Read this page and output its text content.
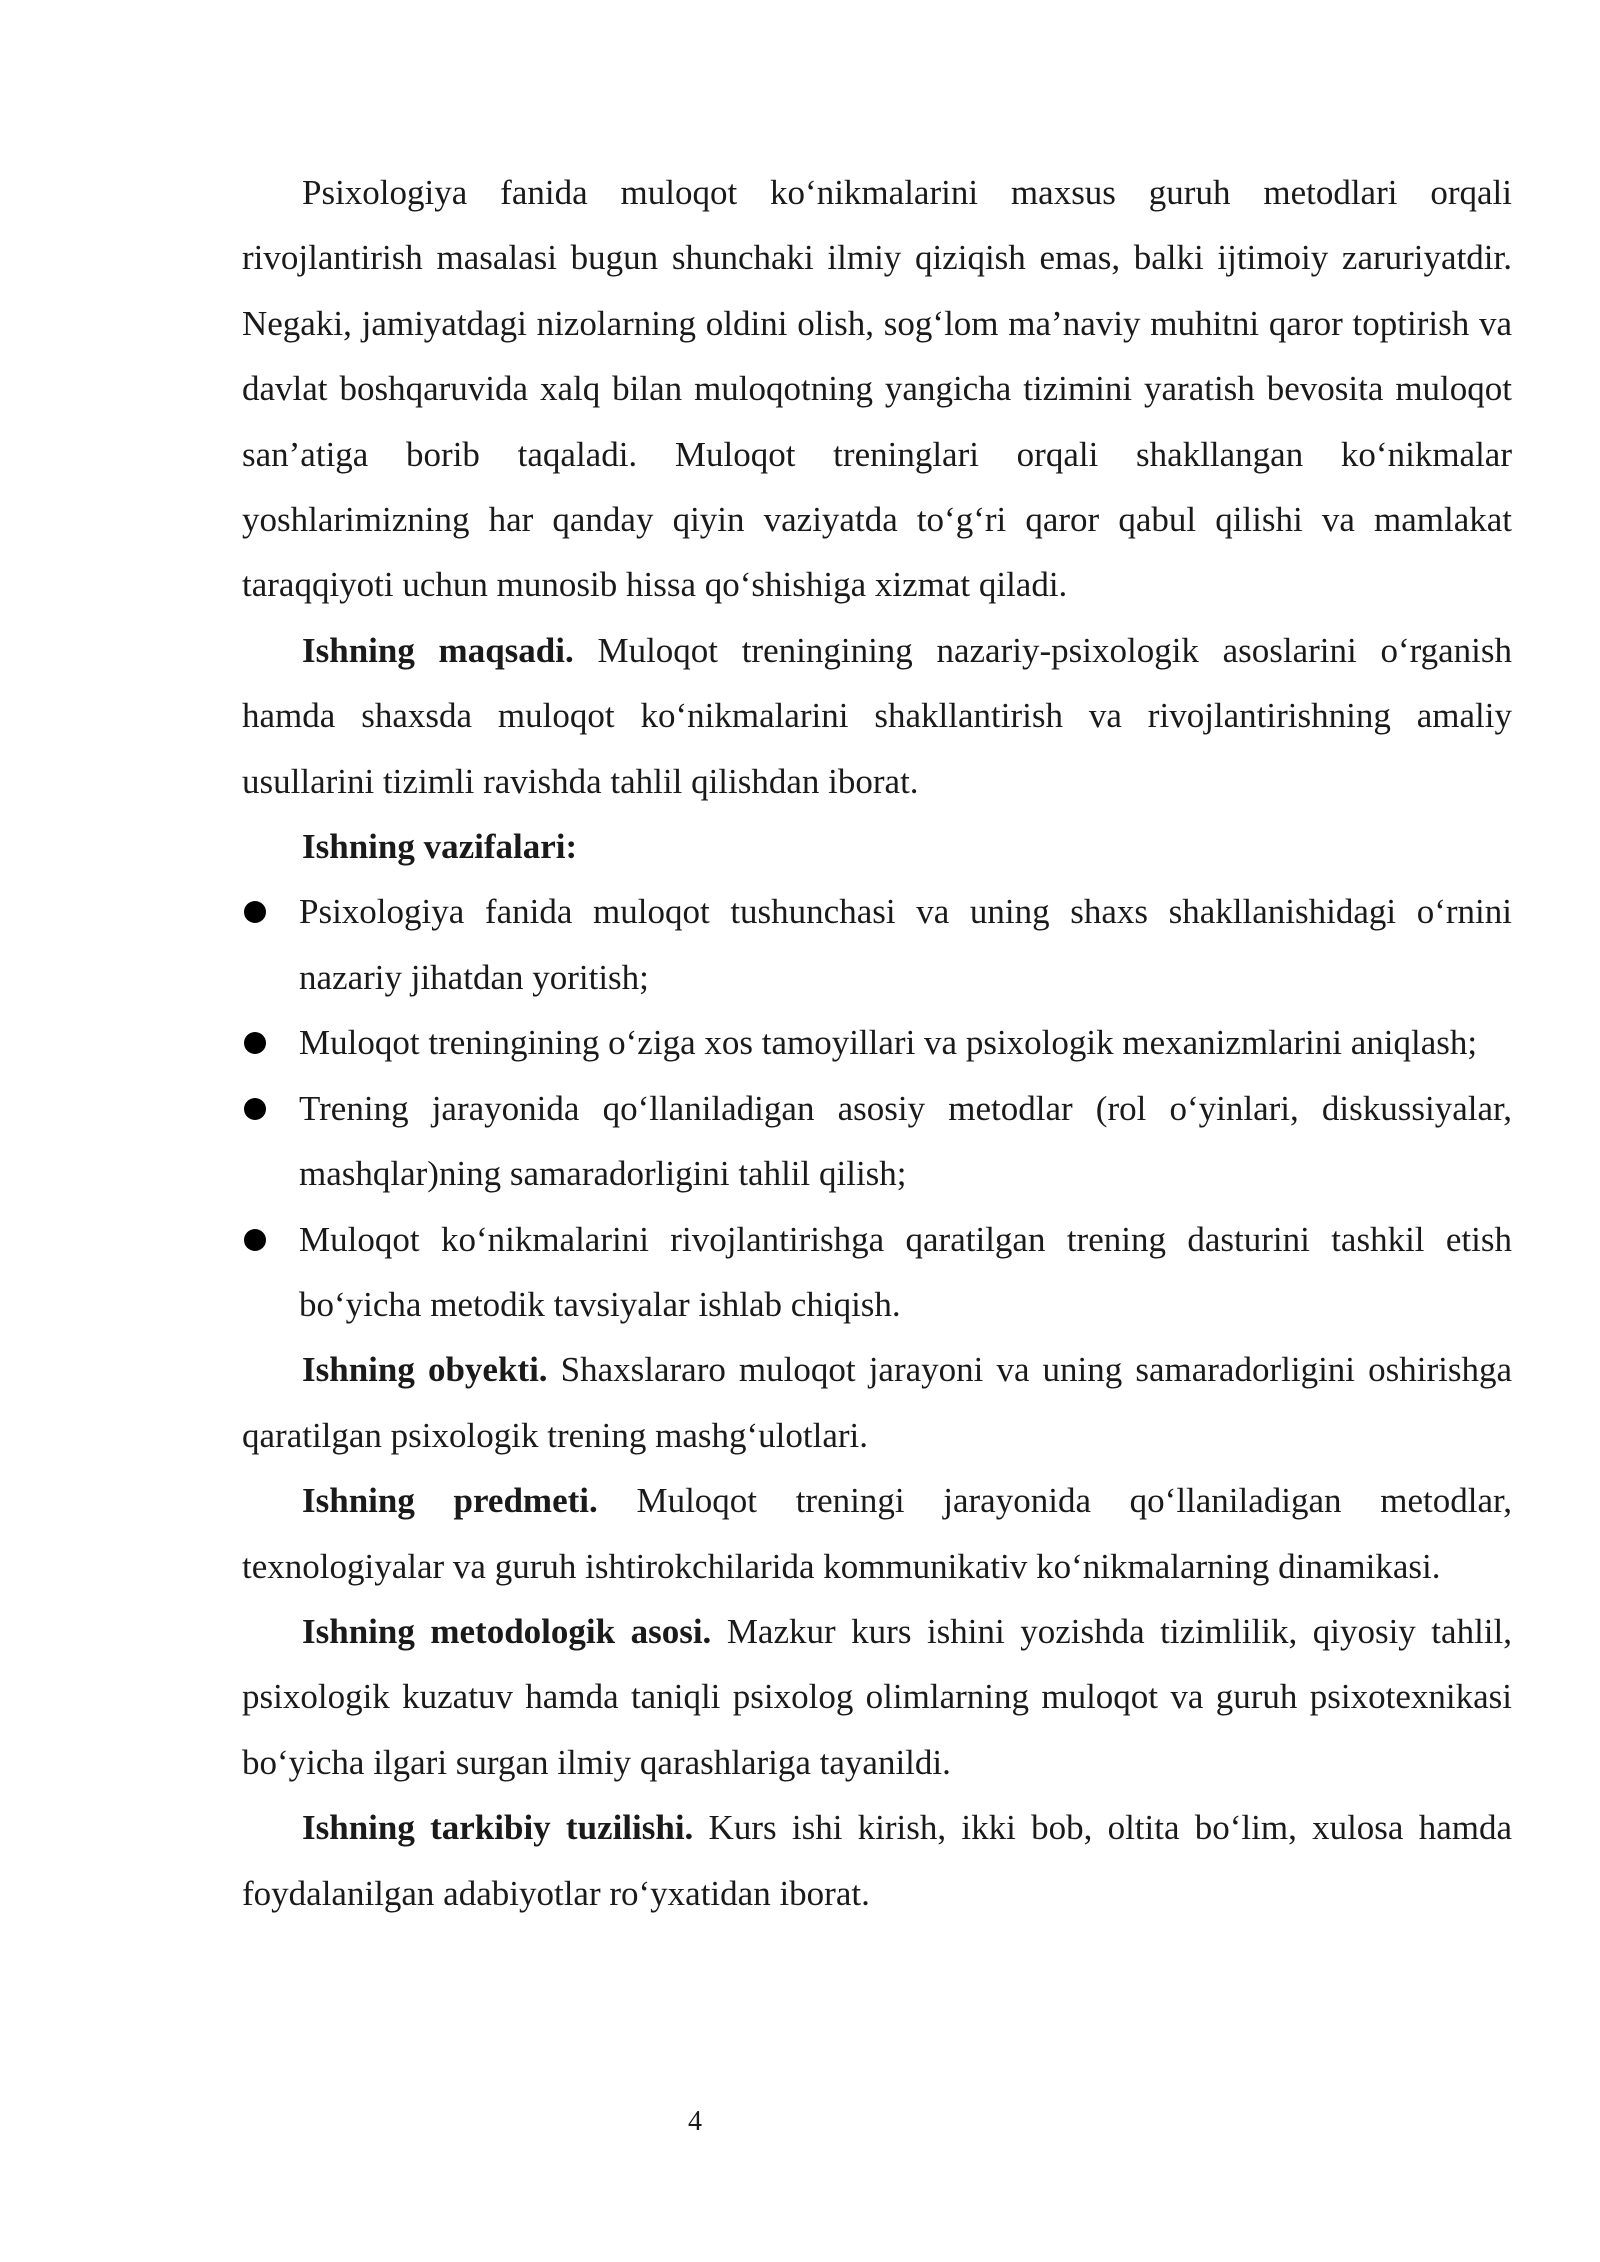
Psixologiya fanida muloqot ko‘nikmalarini maxsus guruh metodlari orqali rivojlantirish masalasi bugun shunchaki ilmiy qiziqish emas, balki ijtimoiy zaruriyatdir. Negaki, jamiyatdagi nizolarning oldini olish, sog‘lom ma’naviy muhitni qaror toptirish va davlat boshqaruvida xalq bilan muloqotning yangicha tizimini yaratish bevosita muloqot san’atiga borib taqaladi. Muloqot treninglari orqali shakllangan ko‘nikmalar yoshlarimizning har qanday qiyin vaziyatda to‘g‘ri qaror qabul qilishi va mamlakat taraqqiyoti uchun munosib hissa qo‘shishiga xizmat qiladi.

Ishning maqsadi. Muloqot treningining nazariy-psixologik asoslarini o‘rganish hamda shaxsda muloqot ko‘nikmalarini shakllantirish va rivojlantirishning amaliy usullarini tizimli ravishda tahlil qilishdan iborat.

Ishning vazifalari:

Psixologiya fanida muloqot tushunchasi va uning shaxs shakllanishidagi o‘rnini nazariy jihatdan yoritish;

Muloqot treningining o‘ziga xos tamoyillari va psixologik mexanizmlarini aniqlash;

Trening jarayonida qo‘llaniladigan asosiy metodlar (rol o‘yinlari, diskussiyalar, mashqlar)ning samaradorligini tahlil qilish;

Muloqot ko‘nikmalarini rivojlantirishga qaratilgan trening dasturini tashkil etish bo‘yicha metodik tavsiyalar ishlab chiqish.

Ishning obyekti. Shaxslararo muloqot jarayoni va uning samaradorligini oshirishga qaratilgan psixologik trening mashg‘ulotlari.

Ishning predmeti. Muloqot treningi jarayonida qo‘llaniladigan metodlar, texnologiyalar va guruh ishtirokchilarida kommunikativ ko‘nikmalarning dinamikasi.

Ishning metodologik asosi. Mazkur kurs ishini yozishda tizimlilik, qiyosiy tahlil, psixologik kuzatuv hamda taniqli psixolog olimlarning muloqot va guruh psixotexnikasi bo‘yicha ilgari surgan ilmiy qarashlariga tayanildi.

Ishning tarkibiy tuzilishi. Kurs ishi kirish, ikki bob, oltita bo‘lim, xulosa hamda foydalanilgan adabiyotlar ro‘yxatidan iborat.

4
